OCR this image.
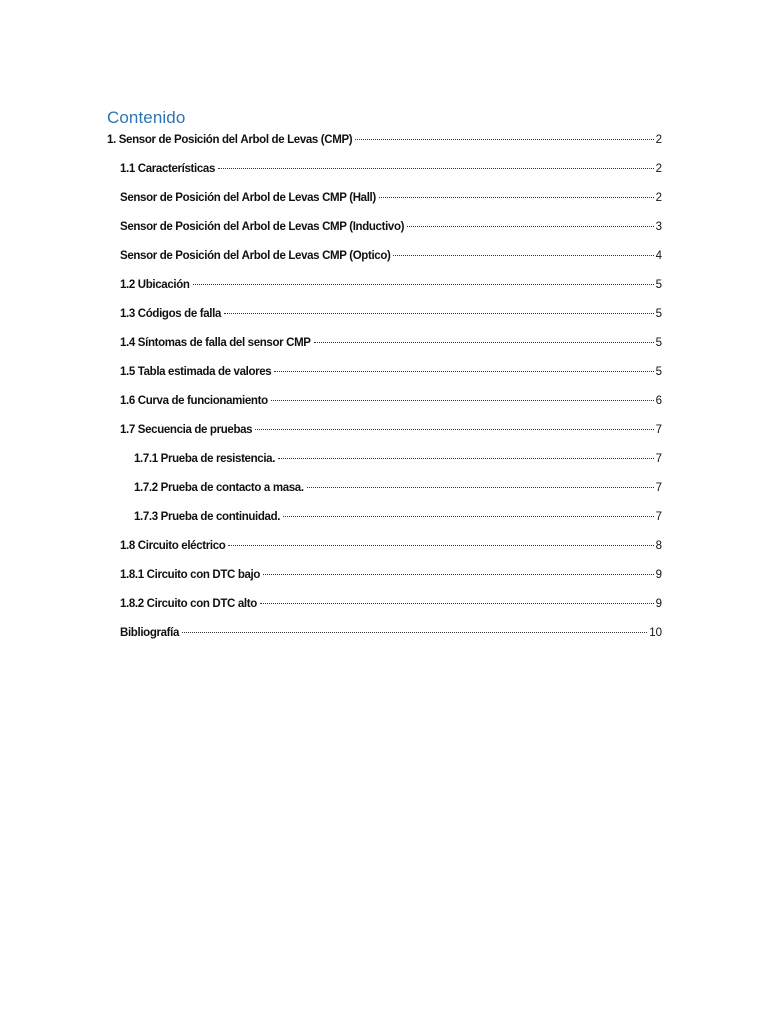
Contenido
1. Sensor de Posición del Árbol de Levas (CMP)	2
1.1 Características	2
Sensor de Posición del Árbol de Levas CMP (Hall)	2
Sensor de Posición del Árbol de Levas CMP (Inductivo)	3
Sensor de Posición del Árbol de Levas CMP (Óptico)	4
1.2 Ubicación	5
1.3 Códigos de falla	5
1.4 Síntomas de falla del sensor CMP	5
1.5 Tabla estimada de valores	5
1.6 Curva de funcionamiento	6
1.7 Secuencia de pruebas	7
1.7.1 Prueba de resistencia.	7
1.7.2 Prueba de contacto a masa.	7
1.7.3 Prueba de continuidad.	7
1.8 Circuito eléctrico	8
1.8.1 Circuito con DTC bajo	9
1.8.2 Circuito con DTC alto	9
Bibliografía	10
